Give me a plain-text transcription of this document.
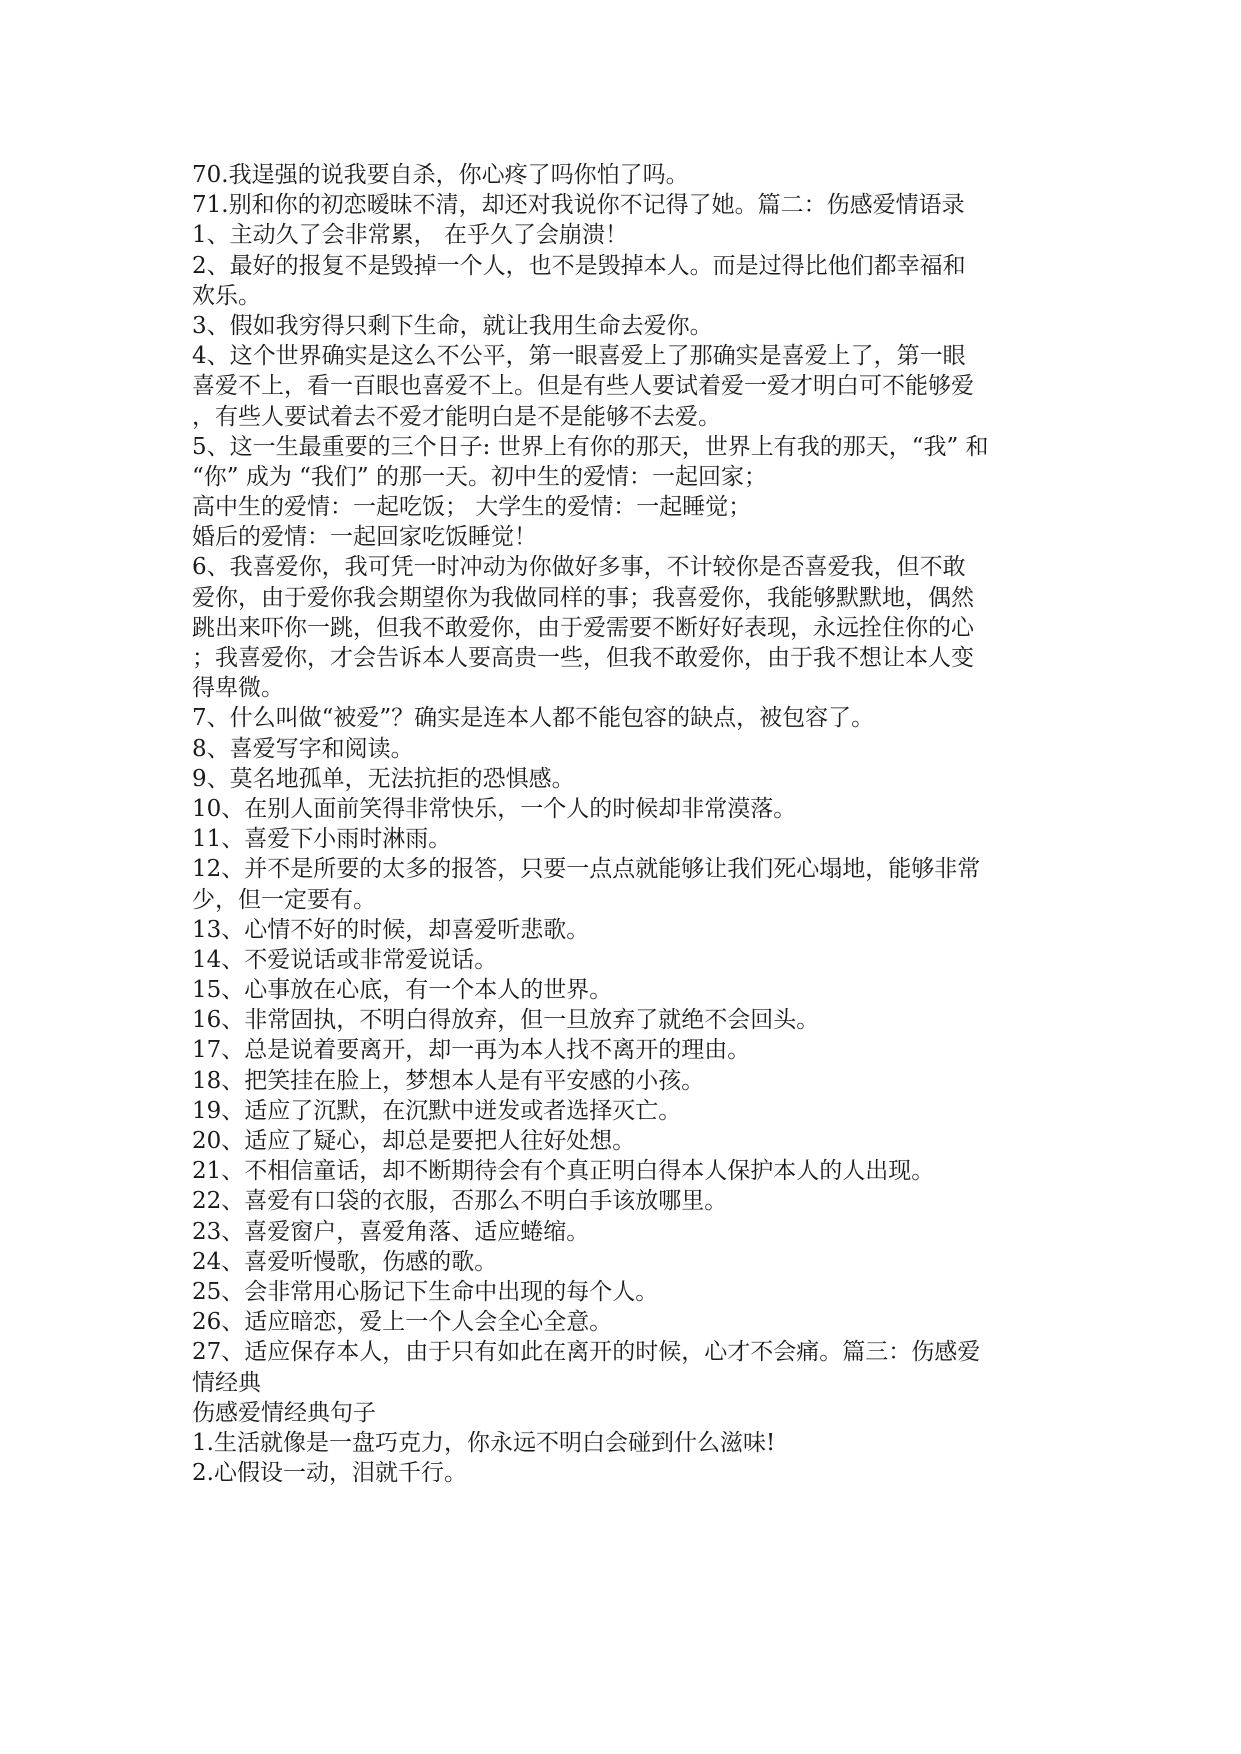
70.我逞强的说我要自杀，你心疼了吗你怕了吗。
71.别和你的初恋暧昧不清，却还对我说你不记得了她。篇二：伤感爱情语录
1、主动久了会非常累， 在乎久了会崩溃！
2、最好的报复不是毁掉一个人，也不是毁掉本人。而是过得比他们都幸福和
欢乐。
3、假如我穷得只剩下生命，就让我用生命去爱你。
4、这个世界确实是这么不公平，第一眼喜爱上了那确实是喜爱上了，第一眼
喜爱不上，看一百眼也喜爱不上。但是有些人要试着爱一爱才明白可不能够爱
，有些人要试着去不爱才能明白是不是能够不去爱。
5、这一生最重要的三个日子: 世界上有你的那天，世界上有我的那天，“我” 和
“你” 成为 “我们” 的那一天。初中生的爱情：一起回家；
高中生的爱情：一起吃饭； 大学生的爱情：一起睡觉；
婚后的爱情：一起回家吃饭睡觉！
6、我喜爱你，我可凭一时冲动为你做好多事，不计较你是否喜爱我，但不敢
爱你，由于爱你我会期望你为我做同样的事；我喜爱你，我能够默默地，偶然
跳出来吓你一跳，但我不敢爱你，由于爱需要不断好好表现，永远拴住你的心
；我喜爱你，才会告诉本人要高贵一些，但我不敢爱你，由于我不想让本人变
得卑微。
7、什么叫做“被爱”？确实是连本人都不能包容的缺点，被包容了。
8、喜爱写字和阅读。
9、莫名地孤单，无法抗拒的恐惧感。
10、在别人面前笑得非常快乐，一个人的时候却非常漠落。
11、喜爱下小雨时淋雨。
12、并不是所要的太多的报答，只要一点点就能够让我们死心塌地，能够非常
少，但一定要有。
13、心情不好的时候，却喜爱听悲歌。
14、不爱说话或非常爱说话。
15、心事放在心底，有一个本人的世界。
16、非常固执，不明白得放弃，但一旦放弃了就绝不会回头。
17、总是说着要离开，却一再为本人找不离开的理由。
18、把笑挂在脸上，梦想本人是有平安感的小孩。
19、适应了沉默，在沉默中迸发或者选择灭亡。
20、适应了疑心，却总是要把人往好处想。
21、不相信童话，却不断期待会有个真正明白得本人保护本人的人出现。
22、喜爱有口袋的衣服，否那么不明白手该放哪里。
23、喜爱窗户，喜爱角落、适应蜷缩。
24、喜爱听慢歌，伤感的歌。
25、会非常用心肠记下生命中出现的每个人。
26、适应暗恋，爱上一个人会全心全意。
27、适应保存本人，由于只有如此在离开的时候，心才不会痛。篇三：伤感爱
情经典
伤感爱情经典句子
1.生活就像是一盘巧克力，你永远不明白会碰到什么滋味!
2.心假设一动，泪就千行。
